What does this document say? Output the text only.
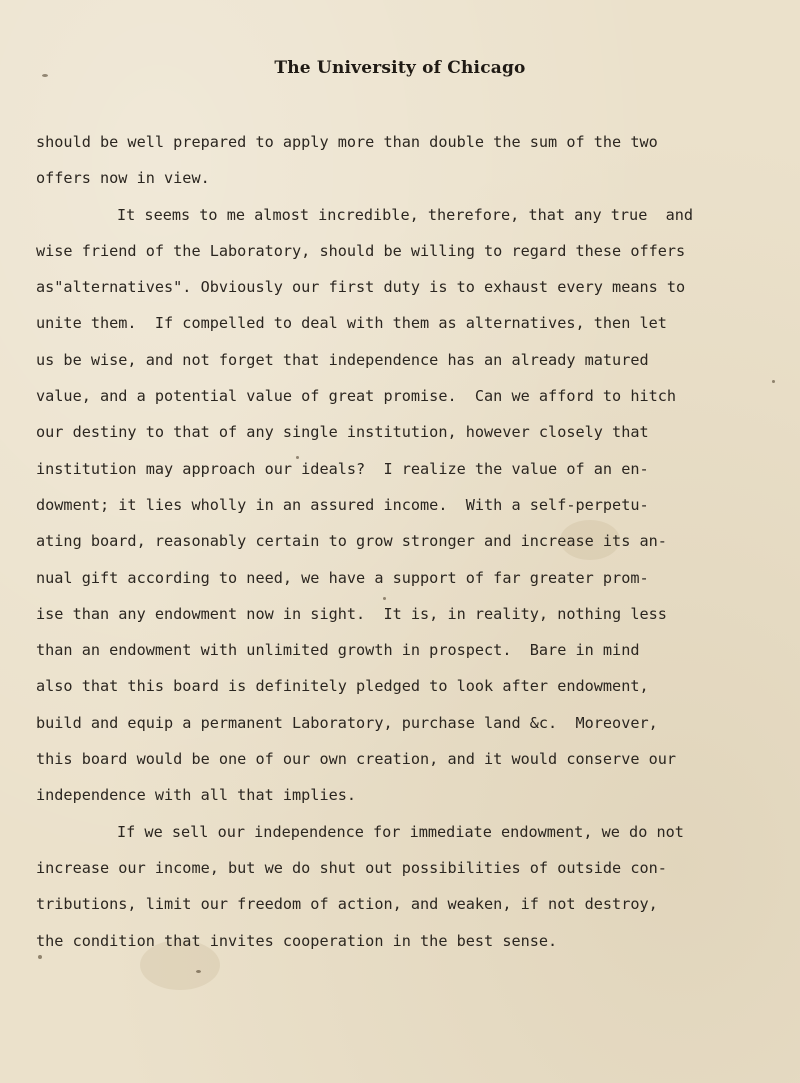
The University of Chicago
should be well prepared to apply more than double the sum of the two
offers now in view.
It seems to me almost incredible, therefore, that any true  and
wise friend of the Laboratory, should be willing to regard these offers
as"alternatives". Obviously our first duty is to exhaust every means to
unite them.  If compelled to deal with them as alternatives, then let
us be wise, and not forget that independence has an already matured
value, and a potential value of great promise.  Can we afford to hitch
our destiny to that of any single institution, however closely that
institution may approach our ideals?  I realize the value of an en-
dowment; it lies wholly in an assured income.  With a self-perpetu-
ating board, reasonably certain to grow stronger and increase its an-
nual gift according to need, we have a support of far greater prom-
ise than any endowment now in sight.  It is, in reality, nothing less
than an endowment with unlimited growth in prospect.  Bare in mind
also that this board is definitely pledged to look after endowment,
build and equip a permanent Laboratory, purchase land &c.  Moreover,
this board would be one of our own creation, and it would conserve our
independence with all that implies.
If we sell our independence for immediate endowment, we do not
increase our income, but we do shut out possibilities of outside con-
tributions, limit our freedom of action, and weaken, if not destroy,
the condition that invites cooperation in the best sense.
